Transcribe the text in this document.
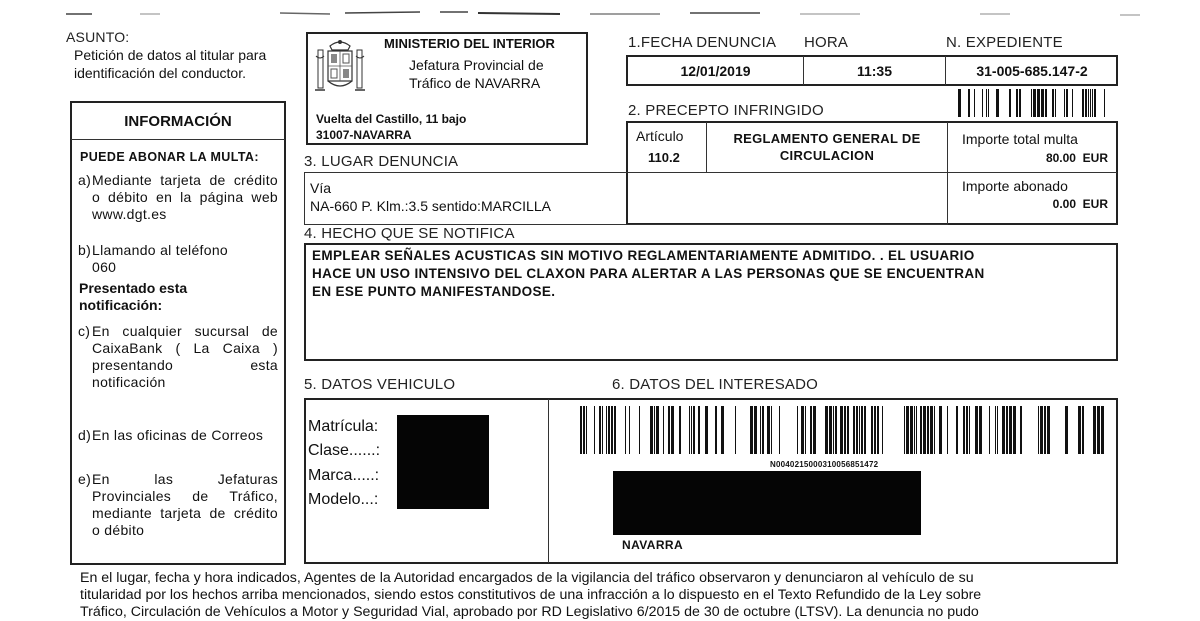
ASUNTO:
Petición de datos al titular para identificación del conductor.
INFORMACIÓN
PUEDE ABONAR LA MULTA:
a) Mediante tarjeta de crédito o débito en la página web www.dgt.es
b) Llamando al teléfono 060
Presentado esta notificación:
c) En cualquier sucursal de CaixaBank ( La Caixa ) presentando esta notificación
d) En las oficinas de Correos
e) En las Jefaturas Provinciales de Tráfico, mediante tarjeta de crédito o débito
MINISTERIO DEL INTERIOR
Jefatura Provincial de
Tráfico de NAVARRA
Vuelta del Castillo, 11 bajo
31007-NAVARRA
1.FECHA DENUNCIA HORA	N. EXPEDIENTE
12/01/2019	11:35	31-005-685.147-2
2. PRECEPTO INFRINGIDO
Artículo
110.2
REGLAMENTO GENERAL DE
CIRCULACION
Importe total multa
80.00  EUR
Importe abonado
0.00  EUR
3. LUGAR DENUNCIA
Vía
NA-660 P. Klm.:3.5 sentido:MARCILLA
4. HECHO QUE SE NOTIFICA
EMPLEAR SEÑALES ACUSTICAS SIN MOTIVO REGLAMENTARIAMENTE ADMITIDO. . EL USUARIO
HACE UN USO INTENSIVO DEL CLAXON PARA ALERTAR A LAS PERSONAS QUE SE ENCUENTRAN
EN ESE PUNTO MANIFESTANDOSE.
5. DATOS VEHICULO	6. DATOS DEL INTERESADO
Matrícula:
Clase......:
Marca.....:
Modelo...:
N0040215000310056851472
NAVARRA
En el lugar, fecha y hora indicados, Agentes de la Autoridad encargados de la vigilancia del tráfico observaron y denunciaron al vehículo de su
titularidad por los hechos arriba mencionados, siendo estos constitutivos de una infracción a lo dispuesto en el Texto Refundido de la Ley sobre
Tráfico, Circulación de Vehículos a Motor y Seguridad Vial, aprobado por RD Legislativo 6/2015 de 30 de octubre (LTSV). La denuncia no pudo
